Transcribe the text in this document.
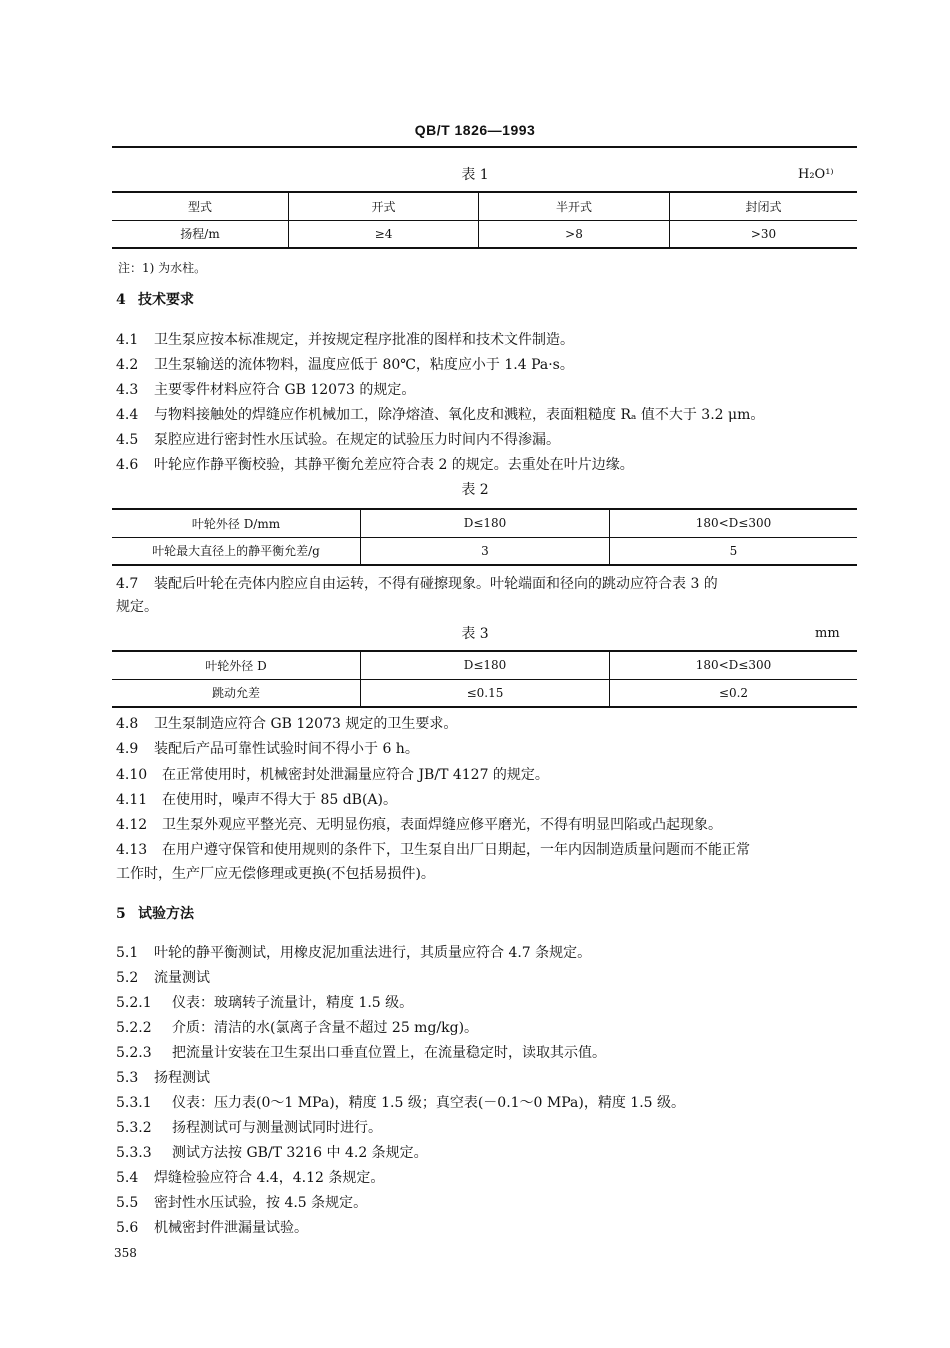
QB/T 1826—1993
表 1	H₂O¹⁾
型式	开式	半开式	封闭式
扬程/m	≥4	>8	>30
注：1) 为水柱。
4 技术要求
4.1 卫生泵应按本标准规定，并按规定程序批准的图样和技术文件制造。
4.2 卫生泵输送的流体物料，温度应低于 80℃，粘度应小于 1.4 Pa·s。
4.3 主要零件材料应符合 GB 12073 的规定。
4.4 与物料接触处的焊缝应作机械加工，除净熔渣、氧化皮和溅粒，表面粗糙度 Rₐ 值不大于 3.2 μm。
4.5 泵腔应进行密封性水压试验。在规定的试验压力时间内不得渗漏。
4.6 叶轮应作静平衡校验，其静平衡允差应符合表 2 的规定。去重处在叶片边缘。
表 2
叶轮外径 D/mm	D≤180	180<D≤300
叶轮最大直径上的静平衡允差/g	3	5
4.7 装配后叶轮在壳体内腔应自由运转，不得有碰擦现象。叶轮端面和径向的跳动应符合表 3 的
规定。
表 3	mm
叶轮外径 D	D≤180	180<D≤300
跳动允差	≤0.15	≤0.2
4.8 卫生泵制造应符合 GB 12073 规定的卫生要求。
4.9 装配后产品可靠性试验时间不得小于 6 h。
4.10 在正常使用时，机械密封处泄漏量应符合 JB/T 4127 的规定。
4.11 在使用时，噪声不得大于 85 dB(A)。
4.12 卫生泵外观应平整光亮、无明显伤痕，表面焊缝应修平磨光，不得有明显凹陷或凸起现象。
4.13 在用户遵守保管和使用规则的条件下，卫生泵自出厂日期起，一年内因制造质量问题而不能正常
工作时，生产厂应无偿修理或更换(不包括易损件)。
5 试验方法
5.1 叶轮的静平衡测试，用橡皮泥加重法进行，其质量应符合 4.7 条规定。
5.2 流量测试
5.2.1 仪表：玻璃转子流量计，精度 1.5 级。
5.2.2 介质：清洁的水(氯离子含量不超过 25 mg/kg)。
5.2.3 把流量计安装在卫生泵出口垂直位置上，在流量稳定时，读取其示值。
5.3 扬程测试
5.3.1 仪表：压力表(0～1 MPa)，精度 1.5 级；真空表(－0.1～0 MPa)，精度 1.5 级。
5.3.2 扬程测试可与测量测试同时进行。
5.3.3 测试方法按 GB/T 3216 中 4.2 条规定。
5.4 焊缝检验应符合 4.4，4.12 条规定。
5.5 密封性水压试验，按 4.5 条规定。
5.6 机械密封件泄漏量试验。
358
